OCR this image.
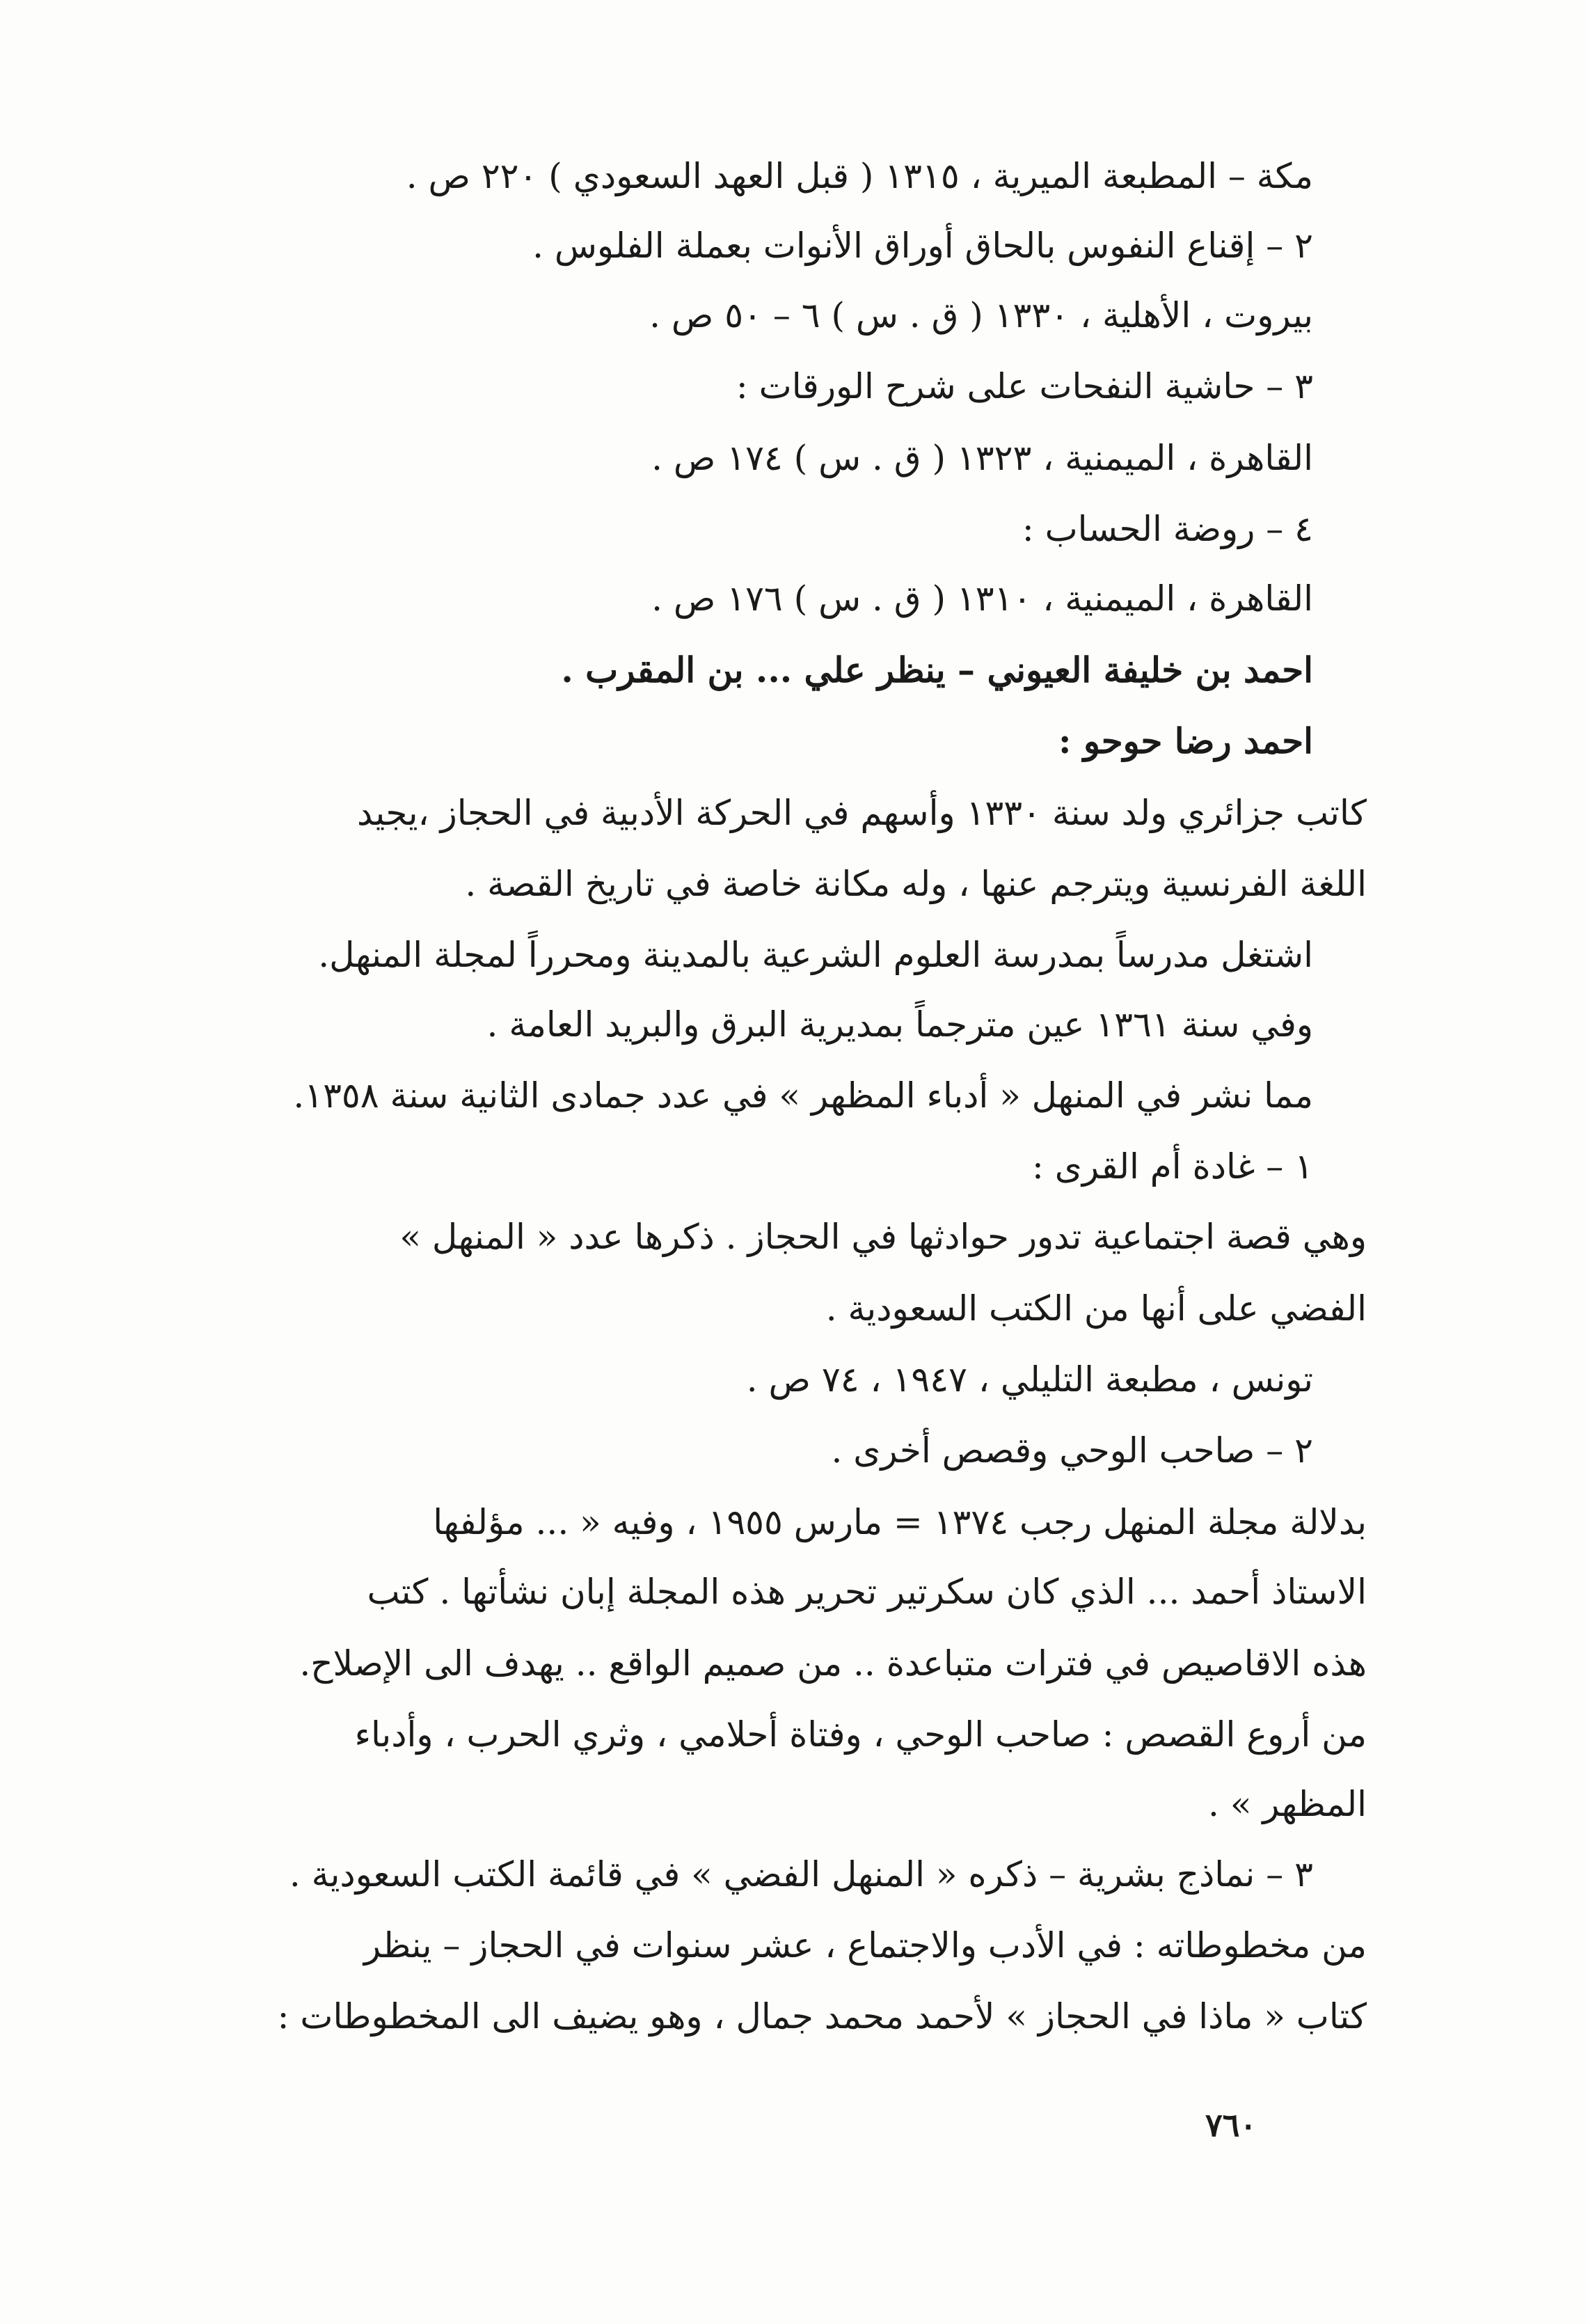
مكة – المطبعة الميرية ، ١٣١٥ ( قبل العهد السعودي ) ٢٢٠ ص .
٢ – إقناع النفوس بالحاق أوراق الأنوات بعملة الفلوس .
بيروت ، الأهلية ، ١٣٣٠ ( ق . س ) ٦ – ٥٠ ص .
٣ – حاشية النفحات على شرح الورقات :
القاهرة ، الميمنية ، ١٣٢٣ ( ق . س ) ١٧٤ ص .
٤ – روضة الحساب :
القاهرة ، الميمنية ، ١٣١٠ ( ق . س ) ١٧٦ ص .
احمد بن خليفة العيوني – ينظر علي ... بن المقرب .
احمد رضا حوحو :
كاتب جزائري ولد سنة ١٣٣٠ وأسهم في الحركة الأدبية في الحجاز ،يجيد
اللغة الفرنسية ويترجم عنها ، وله مكانة خاصة في تاريخ القصة .
اشتغل مدرساً بمدرسة العلوم الشرعية بالمدينة ومحرراً لمجلة المنهل.
وفي سنة ١٣٦١ عين مترجماً بمديرية البرق والبريد العامة .
مما نشر في المنهل « أدباء المظهر » في عدد جمادى الثانية سنة ١٣٥٨.
١ – غادة أم القرى :
وهي قصة اجتماعية تدور حوادثها في الحجاز . ذكرها عدد « المنهل »
الفضي على أنها من الكتب السعودية .
تونس ، مطبعة التليلي ، ١٩٤٧ ، ٧٤ ص .
٢ – صاحب الوحي وقصص أخرى .
بدلالة مجلة المنهل رجب ١٣٧٤ = مارس ١٩٥٥ ، وفيه « ... مؤلفها
الاستاذ أحمد ... الذي كان سكرتير تحرير هذه المجلة إبان نشأتها . كتب
هذه الاقاصيص في فترات متباعدة .. من صميم الواقع .. يهدف الى الإصلاح.
من أروع القصص : صاحب الوحي ، وفتاة أحلامي ، وثري الحرب ، وأدباء
المظهر » .
٣ – نماذج بشرية – ذكره « المنهل الفضي » في قائمة الكتب السعودية .
من مخطوطاته : في الأدب والاجتماع ، عشر سنوات في الحجاز – ينظر
كتاب « ماذا في الحجاز » لأحمد محمد جمال ، وهو يضيف الى المخطوطات :
٧٦٠
